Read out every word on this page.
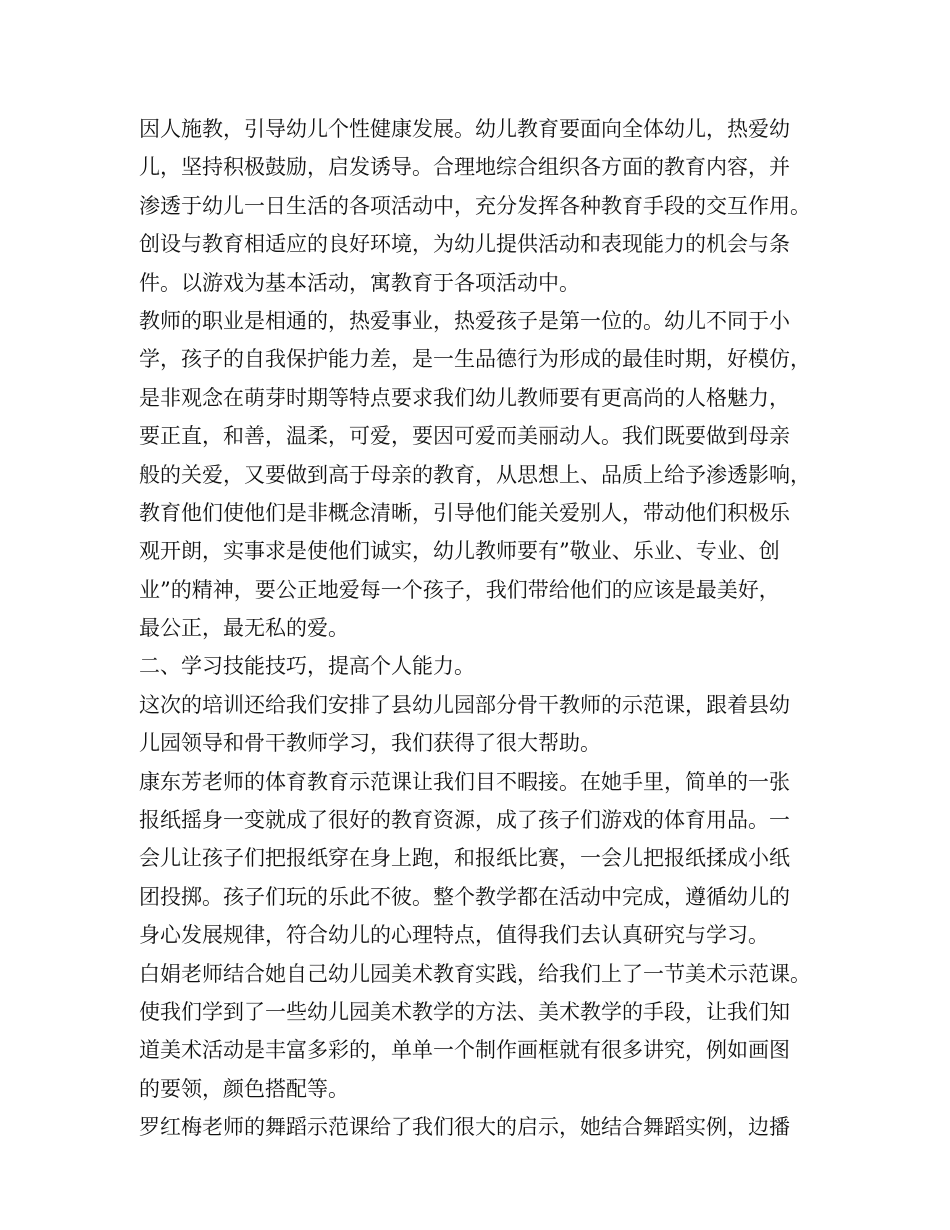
因人施教，引导幼儿个性健康发展。幼儿教育要面向全体幼儿，热爱幼

儿，坚持积极鼓励，启发诱导。合理地综合组织各方面的教育内容，并

渗透于幼儿一日生活的各项活动中，充分发挥各种教育手段的交互作用。

创设与教育相适应的良好环境，为幼儿提供活动和表现能力的机会与条

件。以游戏为基本活动，寓教育于各项活动中。

教师的职业是相通的，热爱事业，热爱孩子是第一位的。幼儿不同于小

学，孩子的自我保护能力差，是一生品德行为形成的最佳时期，好模仿，

是非观念在萌芽时期等特点要求我们幼儿教师要有更高尚的人格魅力，

要正直，和善，温柔，可爱，要因可爱而美丽动人。我们既要做到母亲

般的关爱，又要做到高于母亲的教育，从思想上、品质上给予渗透影响，

教育他们使他们是非概念清晰，引导他们能关爱别人，带动他们积极乐

观开朗，实事求是使他们诚实，幼儿教师要有”敬业、乐业、专业、创

业”的精神，要公正地爱每一个孩子，我们带给他们的应该是最美好，

最公正，最无私的爱。

二、学习技能技巧，提高个人能力。

这次的培训还给我们安排了县幼儿园部分骨干教师的示范课，跟着县幼

儿园领导和骨干教师学习，我们获得了很大帮助。

康东芳老师的体育教育示范课让我们目不暇接。在她手里，简单的一张

报纸摇身一变就成了很好的教育资源，成了孩子们游戏的体育用品。一

会儿让孩子们把报纸穿在身上跑，和报纸比赛，一会儿把报纸揉成小纸

团投掷。孩子们玩的乐此不彼。整个教学都在活动中完成，遵循幼儿的

身心发展规律，符合幼儿的心理特点，值得我们去认真研究与学习。

白娟老师结合她自己幼儿园美术教育实践，给我们上了一节美术示范课。

使我们学到了一些幼儿园美术教学的方法、美术教学的手段，让我们知

道美术活动是丰富多彩的，单单一个制作画框就有很多讲究，例如画图

的要领，颜色搭配等。

罗红梅老师的舞蹈示范课给了我们很大的启示，她结合舞蹈实例，边播
